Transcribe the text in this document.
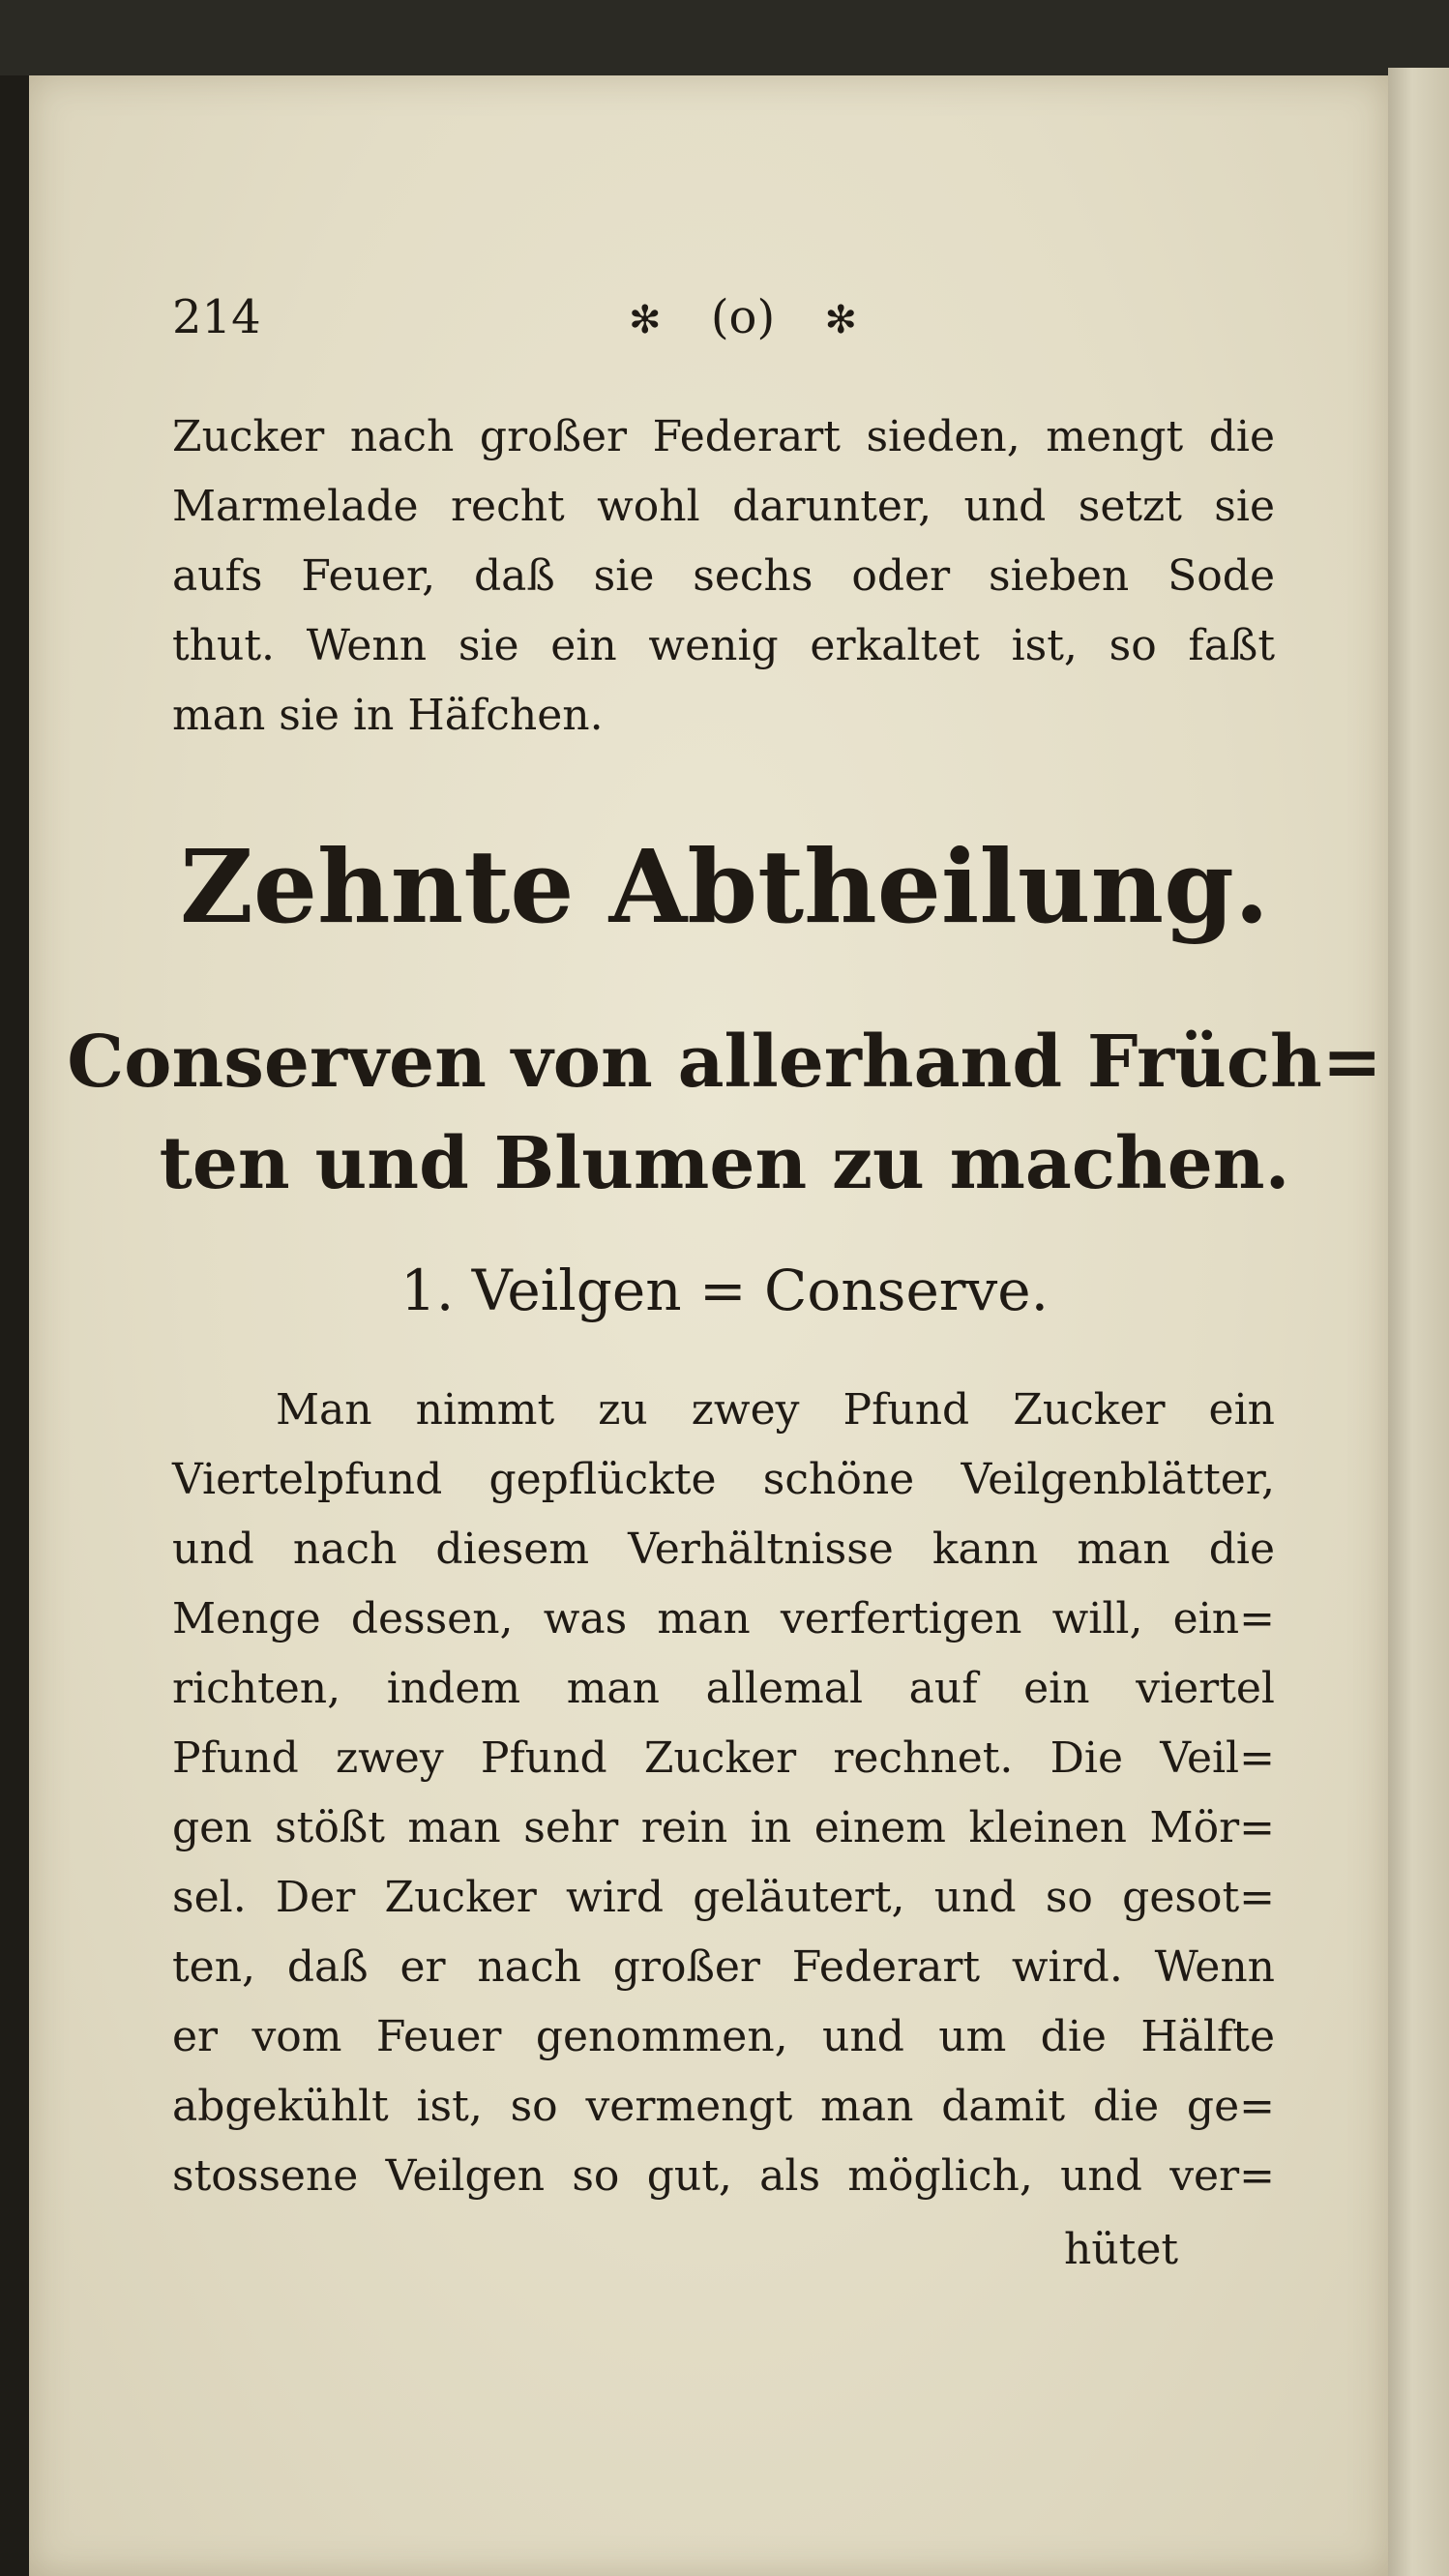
214	✻ (o) ✻
Zucker nach großer Federart sieden, mengt die
Marmelade recht wohl darunter, und setzt sie
aufs Feuer, daß sie sechs oder sieben Sode
thut. Wenn sie ein wenig erkaltet ist, so faßt
man sie in Häfchen.
Zehnte Abtheilung.
Conserven von allerhand Früch=
ten und Blumen zu machen.
1. Veilgen = Conserve.
Man nimmt zu zwey Pfund Zucker ein
Viertelpfund gepflückte schöne Veilgenblätter,
und nach diesem Verhältnisse kann man die
Menge dessen, was man verfertigen will, ein=
richten, indem man allemal auf ein viertel
Pfund zwey Pfund Zucker rechnet. Die Veil=
gen stößt man sehr rein in einem kleinen Mör=
sel. Der Zucker wird geläutert, und so gesot=
ten, daß er nach großer Federart wird. Wenn
er vom Feuer genommen, und um die Hälfte
abgekühlt ist, so vermengt man damit die ge=
stossene Veilgen so gut, als möglich, und ver=
hütet
